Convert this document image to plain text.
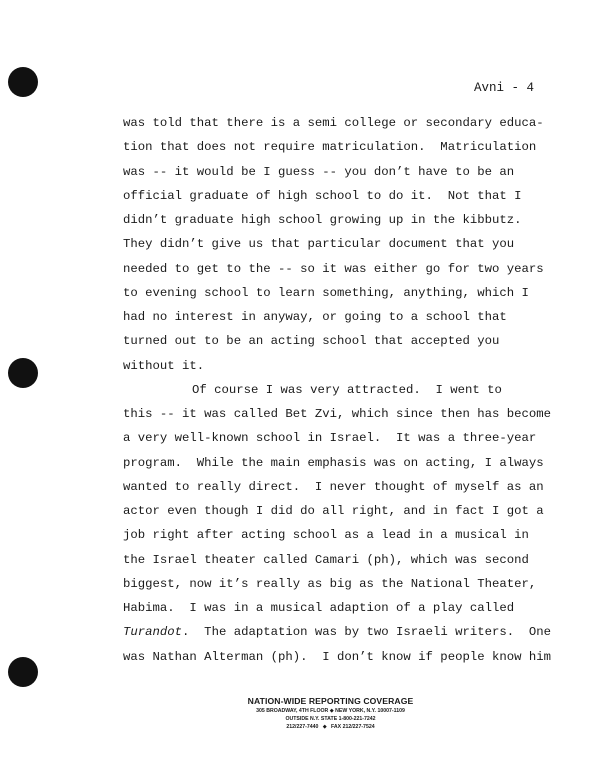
Avni - 4
was told that there is a semi college or secondary educa-
tion that does not require matriculation.  Matriculation
was -- it would be I guess -- you don’t have to be an
official graduate of high school to do it.  Not that I
didn’t graduate high school growing up in the kibbutz.
They didn’t give us that particular document that you
needed to get to the -- so it was either go for two years
to evening school to learn something, anything, which I
had no interest in anyway, or going to a school that
turned out to be an acting school that accepted you
without it.
Of course I was very attracted.  I went to
this -- it was called Bet Zvi, which since then has become
a very well-known school in Israel.  It was a three-year
program.  While the main emphasis was on acting, I always
wanted to really direct.  I never thought of myself as an
actor even though I did do all right, and in fact I got a
job right after acting school as a lead in a musical in
the Israel theater called Camari (ph), which was second
biggest, now it’s really as big as the National Theater,
Habima.  I was in a musical adaption of a play called
Turandot.  The adaptation was by two Israeli writers.  One
was Nathan Alterman (ph).  I don’t know if people know him
NATION-WIDE REPORTING COVERAGE
305 BROADWAY, 4TH FLOOR ◆ NEW YORK, N.Y. 10007-1109
OUTSIDE N.Y. STATE 1-800-221-7242
212/227-7440   ◆   FAX 212/227-7524
